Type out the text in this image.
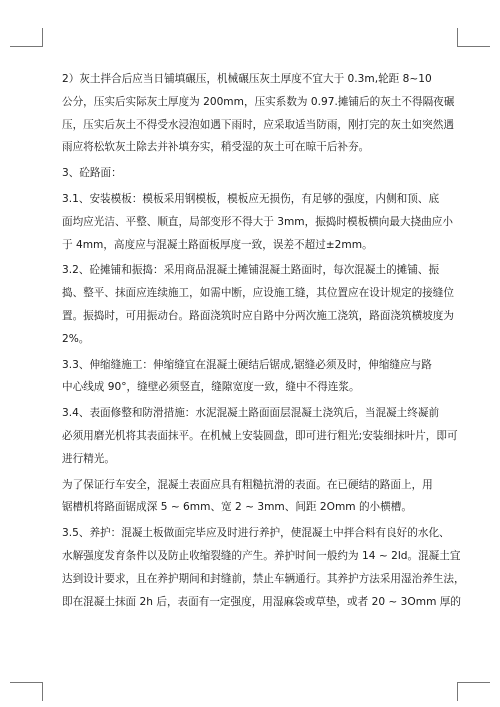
2）灰土拌合后应当日铺填碾压，机械碾压灰土厚度不宜大于 0.3m,轮距 8~10
公分，压实后实际灰土厚度为 200mm，压实系数为 0.97.摊铺后的灰土不得隔夜碾
压，压实后灰土不得受水浸泡如遇下雨时，应采取适当防雨，刚打完的灰土如突然遇
雨应将松软灰土除去并补填夯实，稍受湿的灰土可在晾干后补夯。
3、砼路面：
3.1、安装模板：模板采用钢模板，模板应无损伤，有足够的强度，内侧和顶、底
面均应光洁、平整、顺直，局部变形不得大于 3mm，振捣时模板横向最大挠曲应小
于 4mm，高度应与混凝土路面板厚度一致，误差不超过±2mm。
3.2、砼摊铺和振捣：采用商品混凝土摊铺混凝土路面时，每次混凝土的摊铺、振
捣、整平、抹面应连续施工，如需中断，应设施工缝，其位置应在设计规定的接缝位
置。振捣时，可用振动台。路面浇筑时应自路中分两次施工浇筑，路面浇筑横坡度为
2%。
3.3、伸缩缝施工：伸缩缝宜在混凝土硬结后锯成,锯缝必须及时，伸缩缝应与路
中心线成 90°，缝壁必须竖直，缝隙宽度一致，缝中不得连浆。
3.4、表面修整和防滑措施：水泥混凝土路面面层混凝土浇筑后，当混凝土终凝前
必须用磨光机将其表面抹平。在机械上安装圆盘，即可进行粗光;安装细抹叶片，即可
进行精光。
为了保证行车安全，混凝土表面应具有粗糙抗滑的表面。在已硬结的路面上，用
锯槽机将路面锯成深 5 ~ 6mm、宽 2 ~ 3mm、间距 2Omm 的小横槽。
3.5、养护：混凝土板做面完毕应及时进行养护，使混凝土中拌合料有良好的水化、
水解强度发育条件以及防止收缩裂缝的产生。养护时间一般约为 14 ~ 2ld。混凝土宜
达到设计要求，且在养护期间和封缝前，禁止车辆通行。其养护方法采用湿治养生法，
即在混凝土抹面 2h 后，表面有一定强度，用湿麻袋或草垫，或者 20 ~ 3Omm 厚的
